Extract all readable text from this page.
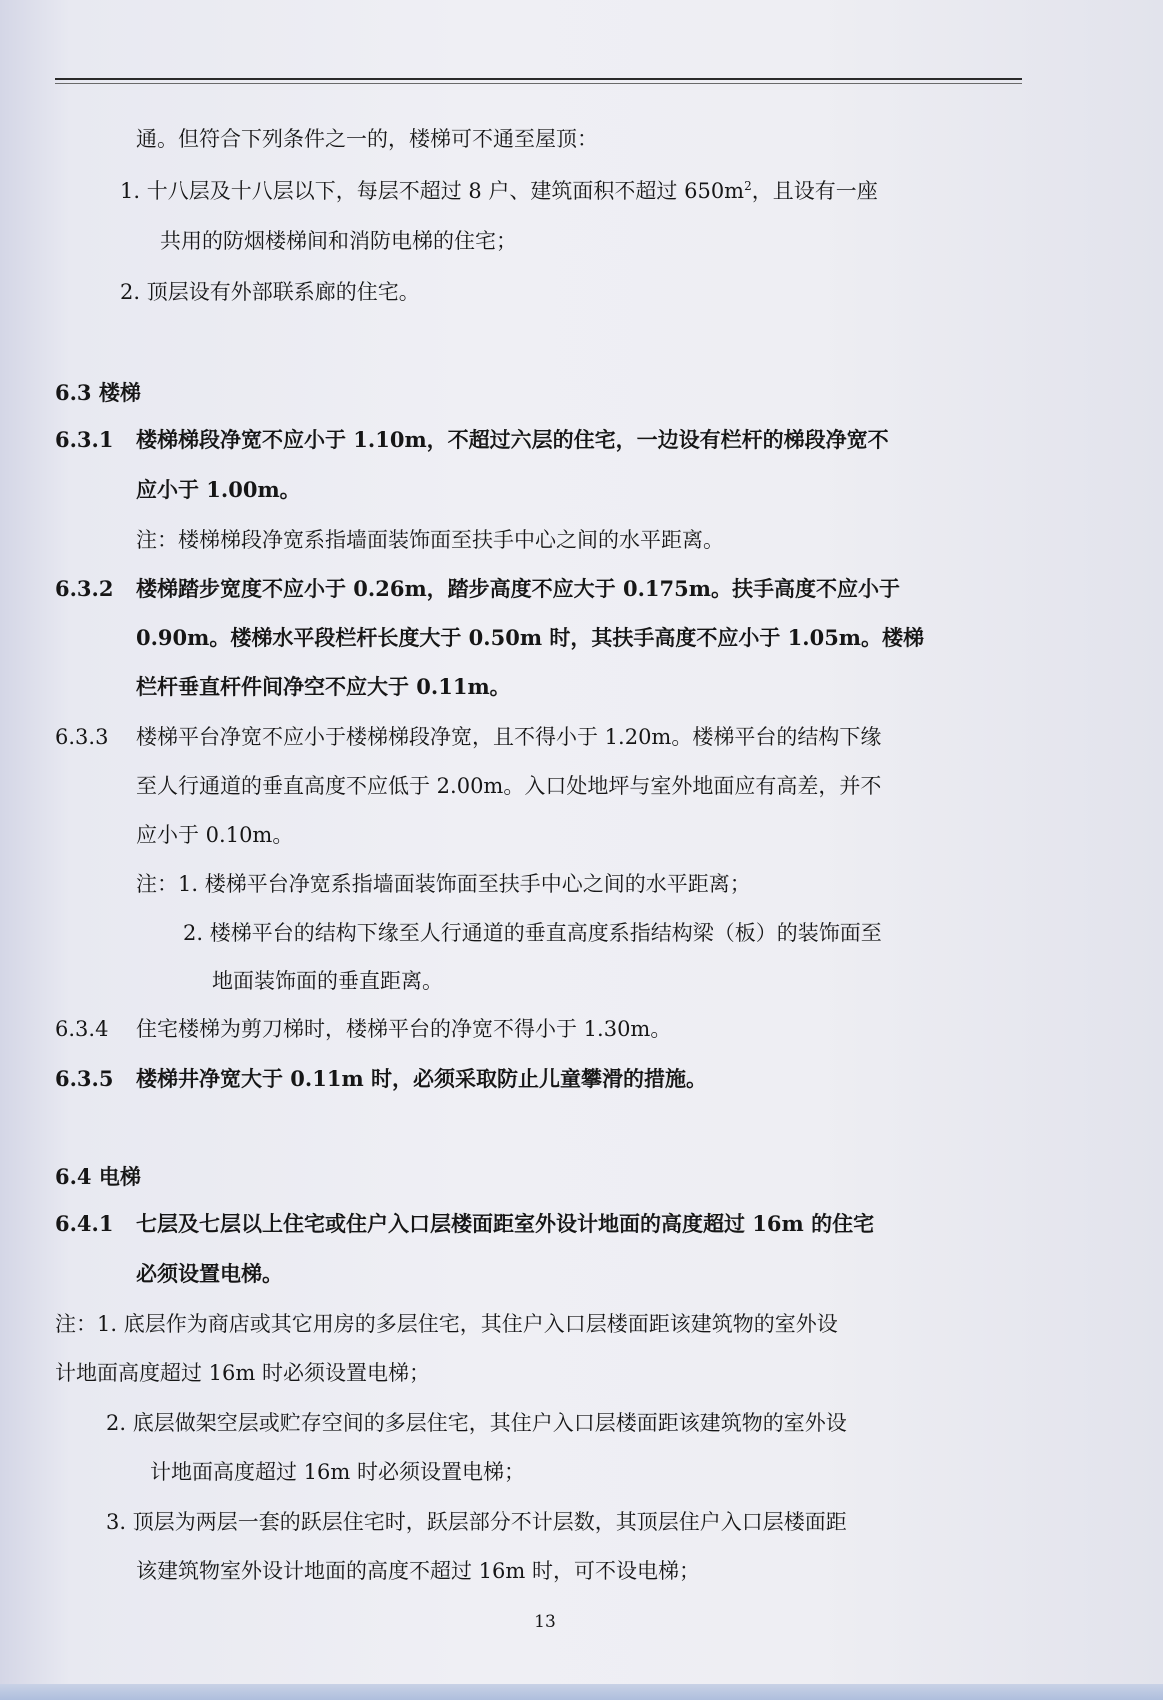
通。但符合下列条件之一的，楼梯可不通至屋顶：
1. 十八层及十八层以下，每层不超过 8 户、建筑面积不超过 $650m^2$，且设有一座
共用的防烟楼梯间和消防电梯的住宅；
2. 顶层设有外部联系廊的住宅。
6.3 楼梯
6.3.1 楼梯梯段净宽不应小于 1.10m，不超过六层的住宅，一边设有栏杆的梯段净宽不
应小于 1.00m。
注：楼梯梯段净宽系指墙面装饰面至扶手中心之间的水平距离。
6.3.2 楼梯踏步宽度不应小于 0.26m，踏步高度不应大于 0.175m。扶手高度不应小于
0.90m。楼梯水平段栏杆长度大于 0.50m 时，其扶手高度不应小于 1.05m。楼梯
栏杆垂直杆件间净空不应大于 0.11m。
6.3.3 楼梯平台净宽不应小于楼梯梯段净宽，且不得小于 1.20m。楼梯平台的结构下缘
至人行通道的垂直高度不应低于 2.00m。入口处地坪与室外地面应有高差，并不
应小于 0.10m。
注：1. 楼梯平台净宽系指墙面装饰面至扶手中心之间的水平距离；
2. 楼梯平台的结构下缘至人行通道的垂直高度系指结构梁（板）的装饰面至
地面装饰面的垂直距离。
6.3.4 住宅楼梯为剪刀梯时，楼梯平台的净宽不得小于 1.30m。
6.3.5 楼梯井净宽大于 0.11m 时，必须采取防止儿童攀滑的措施。
6.4 电梯
6.4.1 七层及七层以上住宅或住户入口层楼面距室外设计地面的高度超过 16m 的住宅
必须设置电梯。
注：1. 底层作为商店或其它用房的多层住宅，其住户入口层楼面距该建筑物的室外设
计地面高度超过 16m 时必须设置电梯；
2. 底层做架空层或贮存空间的多层住宅，其住户入口层楼面距该建筑物的室外设
计地面高度超过 16m 时必须设置电梯；
3. 顶层为两层一套的跃层住宅时，跃层部分不计层数，其顶层住户入口层楼面距
该建筑物室外设计地面的高度不超过 16m 时，可不设电梯；
13
